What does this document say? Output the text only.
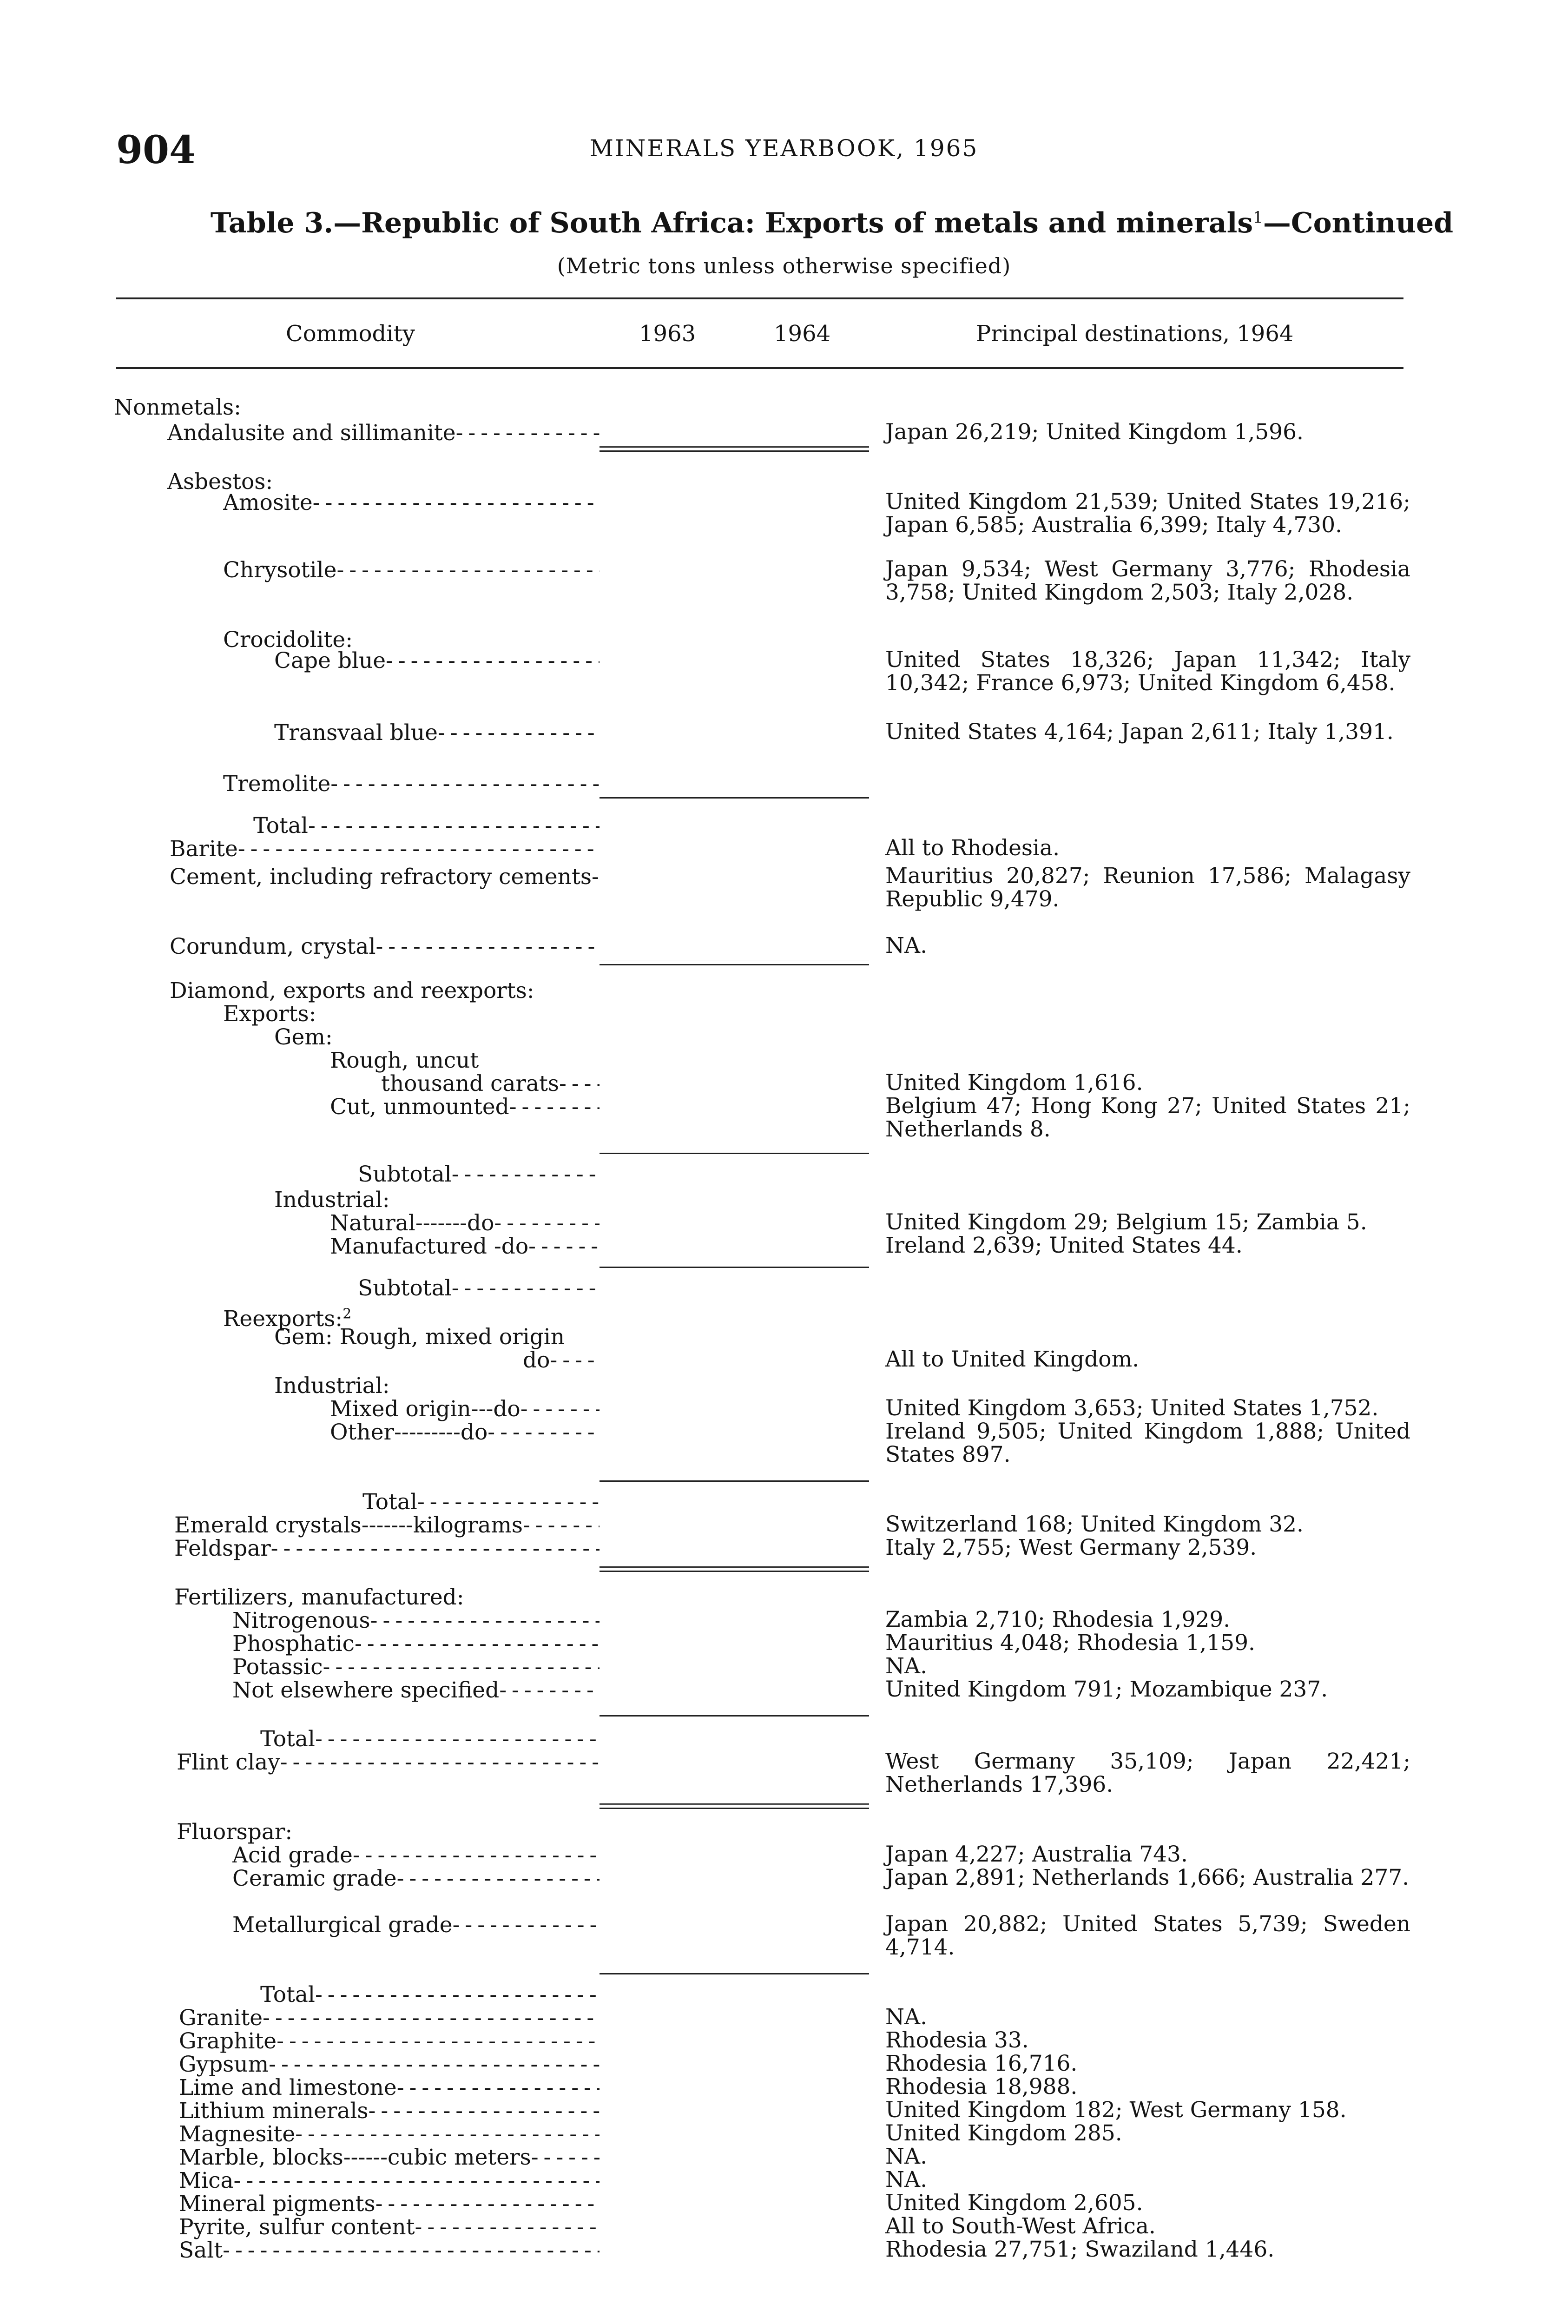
904	MINERALS YEARBOOK, 1965
Table 3.—Republic of South Africa: Exports of metals and minerals$^1$—Continued
(Metric tons unless otherwise specified)
Commodity	1963	1964	Principal destinations, 1964
Nonmetals:
Andalusite and sillimanite - - -	Japan 26,219; United Kingdom 1,596.
Asbestos:
Amosite - - -	United Kingdom 21,539; United States 19,216; Japan 6,585; Australia 6,399; Italy 4,730.
Chrysotile - - -	Japan 9,534; West Germany 3,776; Rhodesia 3,758; United Kingdom 2,503; Italy 2,028.
Crocidolite:
Cape blue - - -	United States 18,326; Japan 11,342; Italy 10,342; France 6,973; United Kingdom 6,458.
Transvaal blue - - -	United States 4,164; Japan 2,611; Italy 1,391.
Tremolite - - -
Total - - -
Barite - - -	All to Rhodesia.
Cement, including refractory cements - - -	Mauritius 20,827; Reunion 17,586; Malagasy Republic 9,479.
Corundum, crystal - - -	NA.
Diamond, exports and reexports:
Exports:
Gem:
Rough, uncut
thousand carats - - -	United Kingdom 1,616.
Cut, unmounted - - -	Belgium 47; Hong Kong 27; United States 21; Netherlands 8.
Subtotal - - -
Industrial:
Natural-------do - - -	United Kingdom 29; Belgium 15; Zambia 5.
Manufactured -do - - -	Ireland 2,639; United States 44.
Subtotal - - -
Reexports:$^2$
Gem: Rough, mixed origin
do - - -	All to United Kingdom.
Industrial:
Mixed origin---do - - -	United Kingdom 3,653; United States 1,752.
Other---------do - - -	Ireland 9,505; United Kingdom 1,888; United States 897.
Total - - -
Emerald crystals-------kilograms - - -	Switzerland 168; United Kingdom 32.
Feldspar - - -	Italy 2,755; West Germany 2,539.
Fertilizers, manufactured:
Nitrogenous - - -	Zambia 2,710; Rhodesia 1,929.
Phosphatic - - -	Mauritius 4,048; Rhodesia 1,159.
Potassic - - -	NA.
Not elsewhere specified - - -	United Kingdom 791; Mozambique 237.
Total - - -
Flint clay - - -	West Germany 35,109; Japan 22,421; Netherlands 17,396.
Fluorspar:
Acid grade - - -	Japan 4,227; Australia 743.
Ceramic grade - - -	Japan 2,891; Netherlands 1,666; Australia 277.
Metallurgical grade - - -	Japan 20,882; United States 5,739; Sweden 4,714.
Total - - -
Granite - - -	NA.
Graphite - - -	Rhodesia 33.
Gypsum - - -	Rhodesia 16,716.
Lime and limestone - - -	Rhodesia 18,988.
Lithium minerals - - -	United Kingdom 182; West Germany 158.
Magnesite - - -	United Kingdom 285.
Marble, blocks------cubic meters - - -	NA.
Mica - - -	NA.
Mineral pigments - - -	United Kingdom 2,605.
Pyrite, sulfur content - - -	All to South-West Africa.
Salt - - -	Rhodesia 27,751; Swaziland 1,446.
